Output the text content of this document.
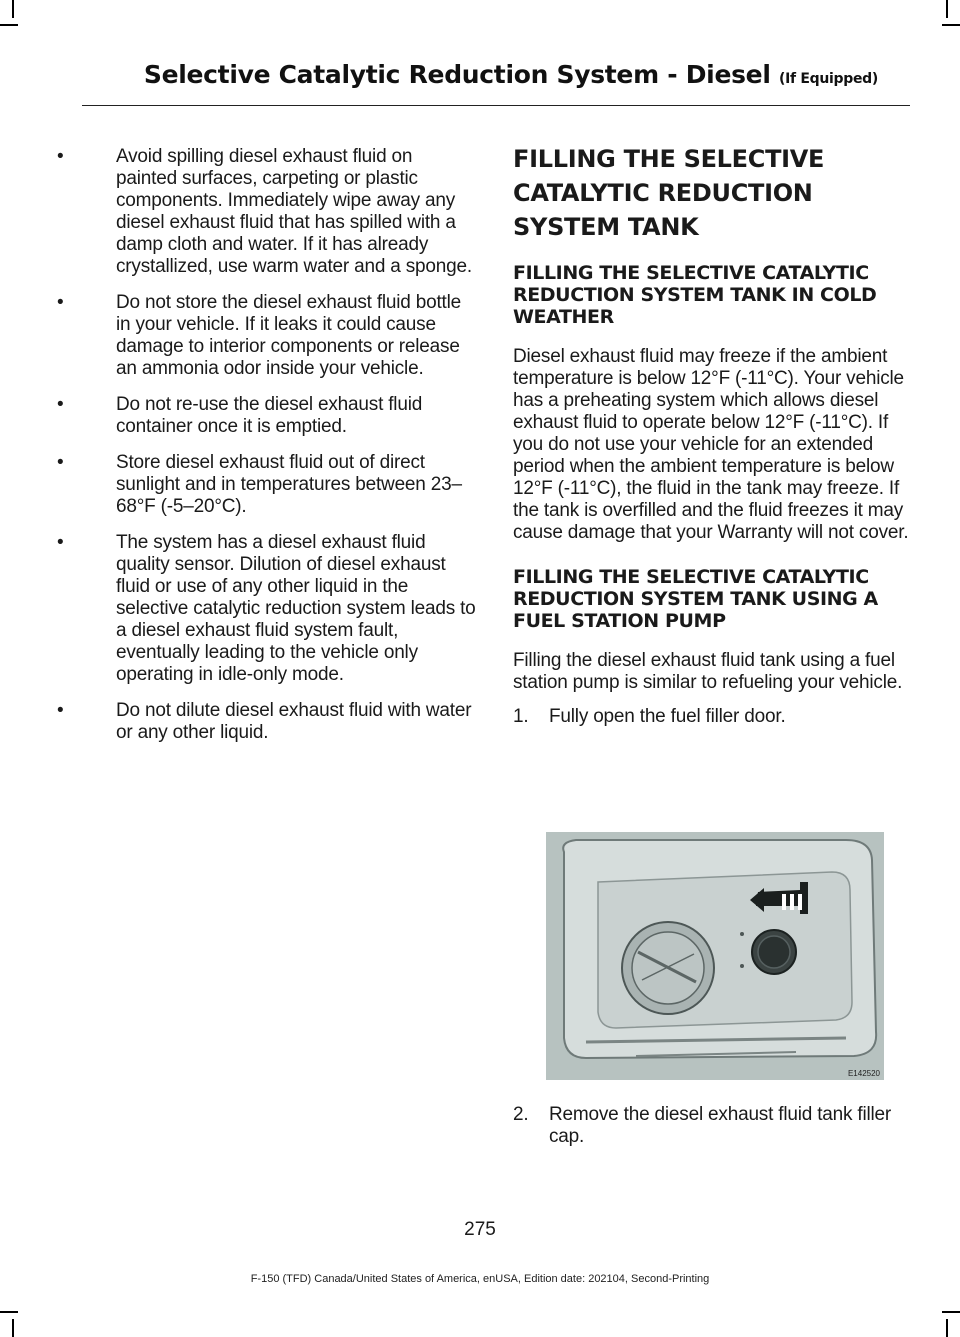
Selective Catalytic Reduction System - Diesel (If Equipped)
•	Avoid spilling diesel exhaust fluid on painted surfaces, carpeting or plastic components. Immediately wipe away any diesel exhaust fluid that has spilled with a damp cloth and water. If it has already crystallized, use warm water and a sponge.
•	Do not store the diesel exhaust fluid bottle in your vehicle. If it leaks it could cause damage to interior components or release an ammonia odor inside your vehicle.
•	Do not re-use the diesel exhaust fluid container once it is emptied.
•	Store diesel exhaust fluid out of direct sunlight and in temperatures between 23–68°F (-5–20°C).
•	The system has a diesel exhaust fluid quality sensor. Dilution of diesel exhaust fluid or use of any other liquid in the selective catalytic reduction system leads to a diesel exhaust fluid system fault, eventually leading to the vehicle only operating in idle-only mode.
•	Do not dilute diesel exhaust fluid with water or any other liquid.
FILLING THE SELECTIVE
CATALYTIC REDUCTION
SYSTEM TANK
FILLING THE SELECTIVE CATALYTIC REDUCTION SYSTEM TANK IN COLD WEATHER

Diesel exhaust fluid may freeze if the ambient temperature is below 12°F (-11°C). Your vehicle has a preheating system which allows diesel exhaust fluid to operate below 12°F (-11°C). If you do not use your vehicle for an extended period when the ambient temperature is below 12°F (-11°C), the fluid in the tank may freeze. If the tank is overfilled and the fluid freezes it may cause damage that your Warranty will not cover.

FILLING THE SELECTIVE CATALYTIC REDUCTION SYSTEM TANK USING A FUEL STATION PUMP

Filling the diesel exhaust fluid tank using a fuel station pump is similar to refueling your vehicle.

1. Fully open the fuel filler door.
E142520
2. Remove the diesel exhaust fluid tank filler cap.
275
F-150 (TFD) Canada/United States of America, enUSA, Edition date: 202104, Second-Printing
